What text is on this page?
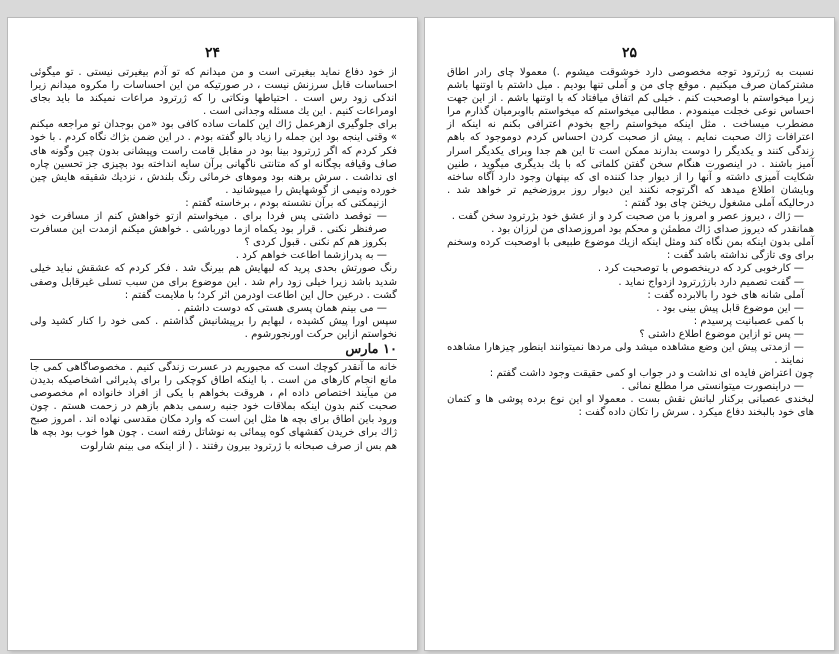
۲۴

از خود دفاع نماید بیغیرتی است و من میدانم که تو آدم بیغیرتی نیستی . تو میگوئی احساسات قابل سرزنش نیست ، در صورتیکه من این احساسات را مکروه میدانم زیرا اندکی زود رس است . احتیاطها ونکاتی را که ژرترود مراعات نمیکند ما باید بجای اومراعات کنیم . این یك مسئله وجدانی است .

برای جلوگیری ازهرعمل ژاك این کلمات ساده کافی بود «من بوجدان تو مراجعه میکنم » وقتی اینجه بود این جمله را زیاد بالو گفته بودم . در این ضمن بژاك نگاه کردم . با خود فکر کردم که اگر ژرترود بینا بود در مقابل قامت راست وپیشانی بدون چین وگونه های صاف وقیافه بچگانه او که متانتی ناگهانی برآن سایه انداخته بود بچیزی جز تحسین چاره ای نداشت . سرش برهنه بود وموهای خرمائی رنگ بلندش ، نزدیك شقیقه هایش چین خورده ونیمی از گوشهایش را میپوشانید .

ازنیمکتی که برآن نشسته بودم ، برخاسته گفتم :

— توقصد داشتی پس فردا برای . میخواستم ازتو خواهش کنم از مسافرت خود صرفنظر نکنی . قرار بود یکماه ازما دورباشی . خواهش میکنم ازمدت این مسافرت بکروز هم کم نکنی . قبول کردی ؟

— به پدرازشما اطاعت خواهم کرد .

رنگ صورتش بحدی پرید که لبهایش هم بیرنگ شد . فکر کردم که عشقش نباید خیلی شدید باشد زیرا خیلی زود رام شد . این موضوع برای من سبب تسلی غیرقابل وصفی گشت . درعین حال این اطاعت اودرمن اثر کرد؛ با ملایمت گفتم :

— می بینم همان پسری هستی که دوست داشتم .

سپس اورا پیش کشیده ، لبهایم را برپیشانیش گذاشتم . کمی خود را کنار کشید ولی نخواستم ازاین حرکت اورنجورشوم .

۱۰ مارس

خانه ما آنقدر کوچك است که مجبوریم در عسرت زندگی کنیم . مخصوصاگاهی کمی جا مانع انجام کارهای من است . با اینکه اطاق کوچکی را برای پذیرائی اشخاصیکه بدیدن من میآیند اختصاص داده ام ، هروقت بخواهم با یکی از افراد خانواده ام مخصوصی صحبت کنم بدون اینکه بملاقات خود جنبه رسمی بدهم بازهم در زحمت هستم . چون ورود باین اطاق برای بچه ها مثل این است که وارد مکان مقدسی نهاده اند . امروز صبح ژاك برای خریدن کفشهای کوه پیمائی به نوشاتل رفته است . چون هوا خوب بود بچه ها هم بس از صرف صبحانه با ژرترود بیرون رفتند . ( از اینکه می بینم شارلوت

۲۵

نسبت به ژرترود توجه مخصوصی دارد خوشوقت میشوم .) معمولا چای رادر اطاق مشترکمان صرف میکنیم . موقع چای من و آملی تنها بودیم . میل داشتم با اوتنها باشم زیرا میخواستم با اوصحبت کنم . خیلی کم اتفاق میافتاد که با اوتنها باشم . از این جهت احساس نوعی خجلت مینمودم . مطالبی میخواستم که میخواستم بااوبرمیان گذارم مرا مضطرب میساخت . مثل اینکه میخواستم راجع بخودم اعترافی بکنم نه اینکه از اعترافات ژاك صحبت نمایم . پیش از صحبت کردن احساس کردم دوموجود که باهم زندگی کنند و یکدیگر را دوست بدارند ممکن است تا این هم جدا وبرای یکدیگر اسرار آمیز باشند . در اینصورت هنگام سخن گفتن کلماتی که با یك بدیگری میگوید ، طنین شکایت آمیزی داشته و آنها را از دیوار جدا کننده ای که بپنهان وجود دارد آگاه ساخته وبایشان اطلاع میدهد که اگرتوجه نکنند این دیوار روز بروزضخیم تر خواهد شد . درحالیکه آملی مشغول ریختن چای بود گفتم :

— ژاك ، دیروز عصر و امروز با من صحبت کرد و از عشق خود بژرترود سخن گفت .

همانقدر که دیروز صدای ژاك مطمئن و محکم بود امروزصدای من لرزان بود .

آملی بدون اینکه بمن نگاه کند ومثل اینکه ازیك موضوع طبیعی با اوصحبت کرده وسخنم برای وی تازگی نداشته باشد گفت :

— کارخوبی کرد که درینخصوص با توصحبت کرد .

— گفت تصمیم دارد بازژرترود ازدواج نماید .

آملی شانه های خود را بالابرده گفت :

— این موضوع قابل پیش بینی بود .

با کمی عصبانیت پرسیدم :

— پس تو ازاین موضوع اطلاع داشتی ؟

— ازمدتی پیش این وضع مشاهده میشد ولی مردها نمیتوانند اینطور چیزهارا مشاهده نمایند .

چون اعتراض فایده ای نداشت و در جواب او کمی حقیقت وجود داشت گفتم :

— دراینصورت میتوانستی مرا مطلع نمائی .

لبخندی عصبانی برکنار لبانش نقش بست . معمولا او این نوع برده پوشی ها و کتمان های خود بالبخند دفاع میکرد . سرش را تکان داده گفت :
